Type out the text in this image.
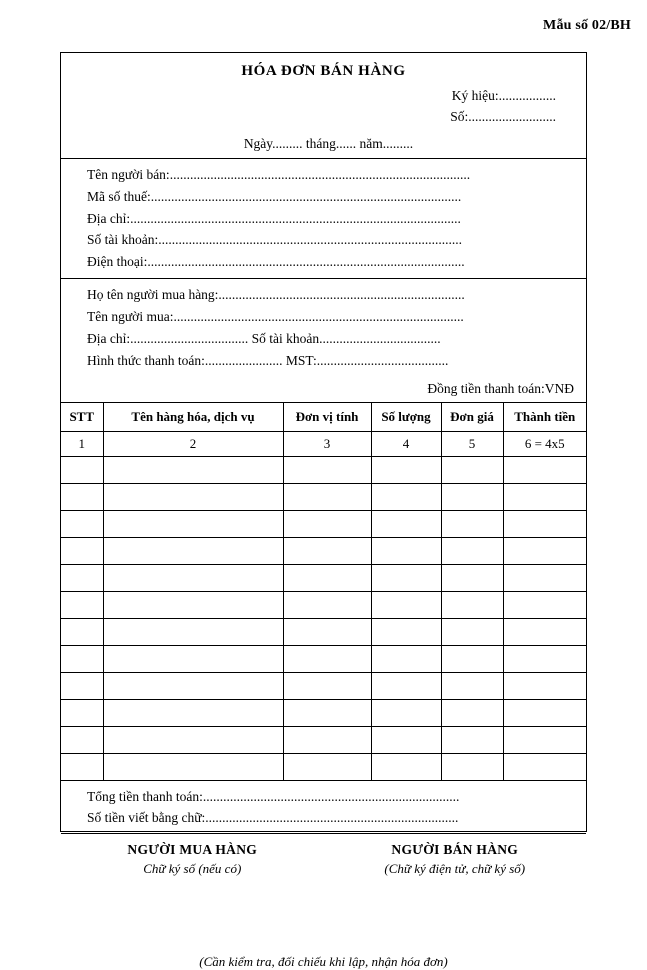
Mẫu số 02/BH
HÓA ĐƠN BÁN HÀNG
Ký hiệu:.................
Số:..........................
Ngày......... tháng...... năm.........
Tên người bán:.........................................................................................
Mã số thuế:............................................................................................
Địa chỉ:..................................................................................................
Số tài khoản:..........................................................................................
Điện thoại:..............................................................................................
Họ tên người mua hàng:.........................................................................
Tên người mua:......................................................................................
Địa chỉ:................................... Số tài khoản....................................
Hình thức thanh toán:....................... MST:.......................................
Đồng tiền thanh toán:VNĐ
STT	Tên hàng hóa, dịch vụ	Đơn vị tính	Số lượng	Đơn giá	Thành tiền
1	2	3	4	5	6 = 4x5

Tổng tiền thanh toán:............................................................................
Số tiền viết bằng chữ:...........................................................................
NGƯỜI MUA HÀNG
Chữ ký số (nếu có)
NGƯỜI BÁN HÀNG
(Chữ ký điện tử, chữ ký số)
(Cần kiểm tra, đối chiếu khi lập, nhận hóa đơn)
